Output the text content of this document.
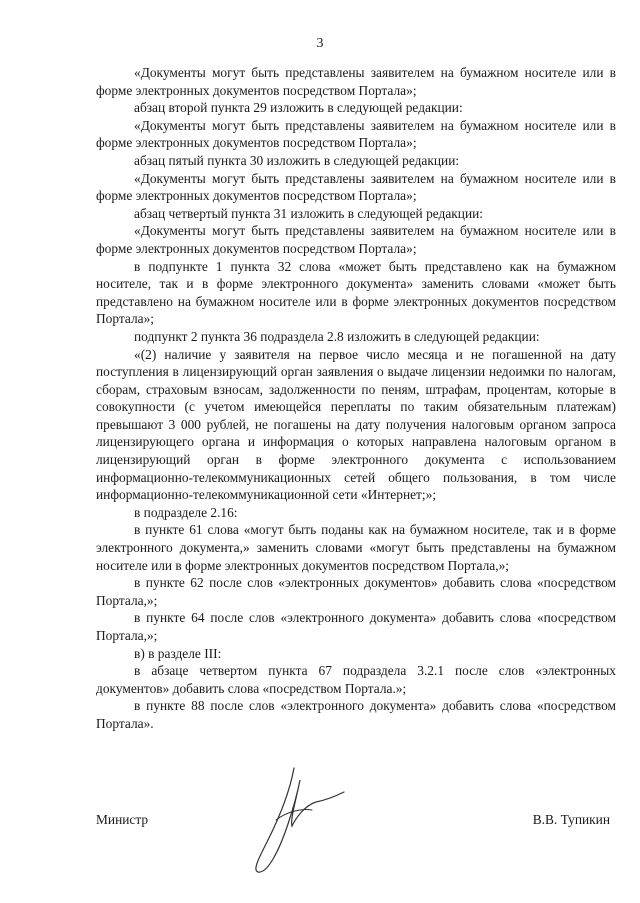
3

«Документы могут быть представлены заявителем на бумажном носителе или в форме электронных документов посредством Портала»;

абзац второй пункта 29 изложить в следующей редакции:

«Документы могут быть представлены заявителем на бумажном носителе или в форме электронных документов посредством Портала»;

абзац пятый пункта 30 изложить в следующей редакции:

«Документы могут быть представлены заявителем на бумажном носителе или в форме электронных документов посредством Портала»;

абзац четвертый пункта 31 изложить в следующей редакции:

«Документы могут быть представлены заявителем на бумажном носителе или в форме электронных документов посредством Портала»;

в подпункте 1 пункта 32 слова «может быть представлено как на бумажном носителе, так и в форме электронного документа» заменить словами «может быть представлено на бумажном носителе или в форме электронных документов посредством Портала»;

подпункт 2 пункта 36 подраздела 2.8 изложить в следующей редакции:

«(2) наличие у заявителя на первое число месяца и не погашенной на дату поступления в лицензирующий орган заявления о выдаче лицензии недоимки по налогам, сборам, страховым взносам, задолженности по пеням, штрафам, процентам, которые в совокупности (с учетом имеющейся переплаты по таким обязательным платежам) превышают 3 000 рублей, не погашены на дату получения налоговым органом запроса лицензирующего органа и информация о которых направлена налоговым органом в лицензирующий орган в форме электронного документа с использованием информационно-телекоммуникационных сетей общего пользования, в том числе информационно-телекоммуникационной сети «Интернет;»;

в подразделе 2.16:

в пункте 61 слова «могут быть поданы как на бумажном носителе, так и в форме электронного документа,» заменить словами «могут быть представлены на бумажном носителе или в форме электронных документов посредством Портала,»;

в пункте 62 после слов «электронных документов» добавить слова «посредством Портала,»;

в пункте 64 после слов «электронного документа» добавить слова «посредством Портала,»;

в) в разделе III:

в абзаце четвертом пункта 67 подраздела 3.2.1 после слов «электронных документов» добавить слова «посредством Портала.»;

в пункте 88 после слов «электронного документа» добавить слова «посредством Портала».

Министр	В.В. Тупикин
